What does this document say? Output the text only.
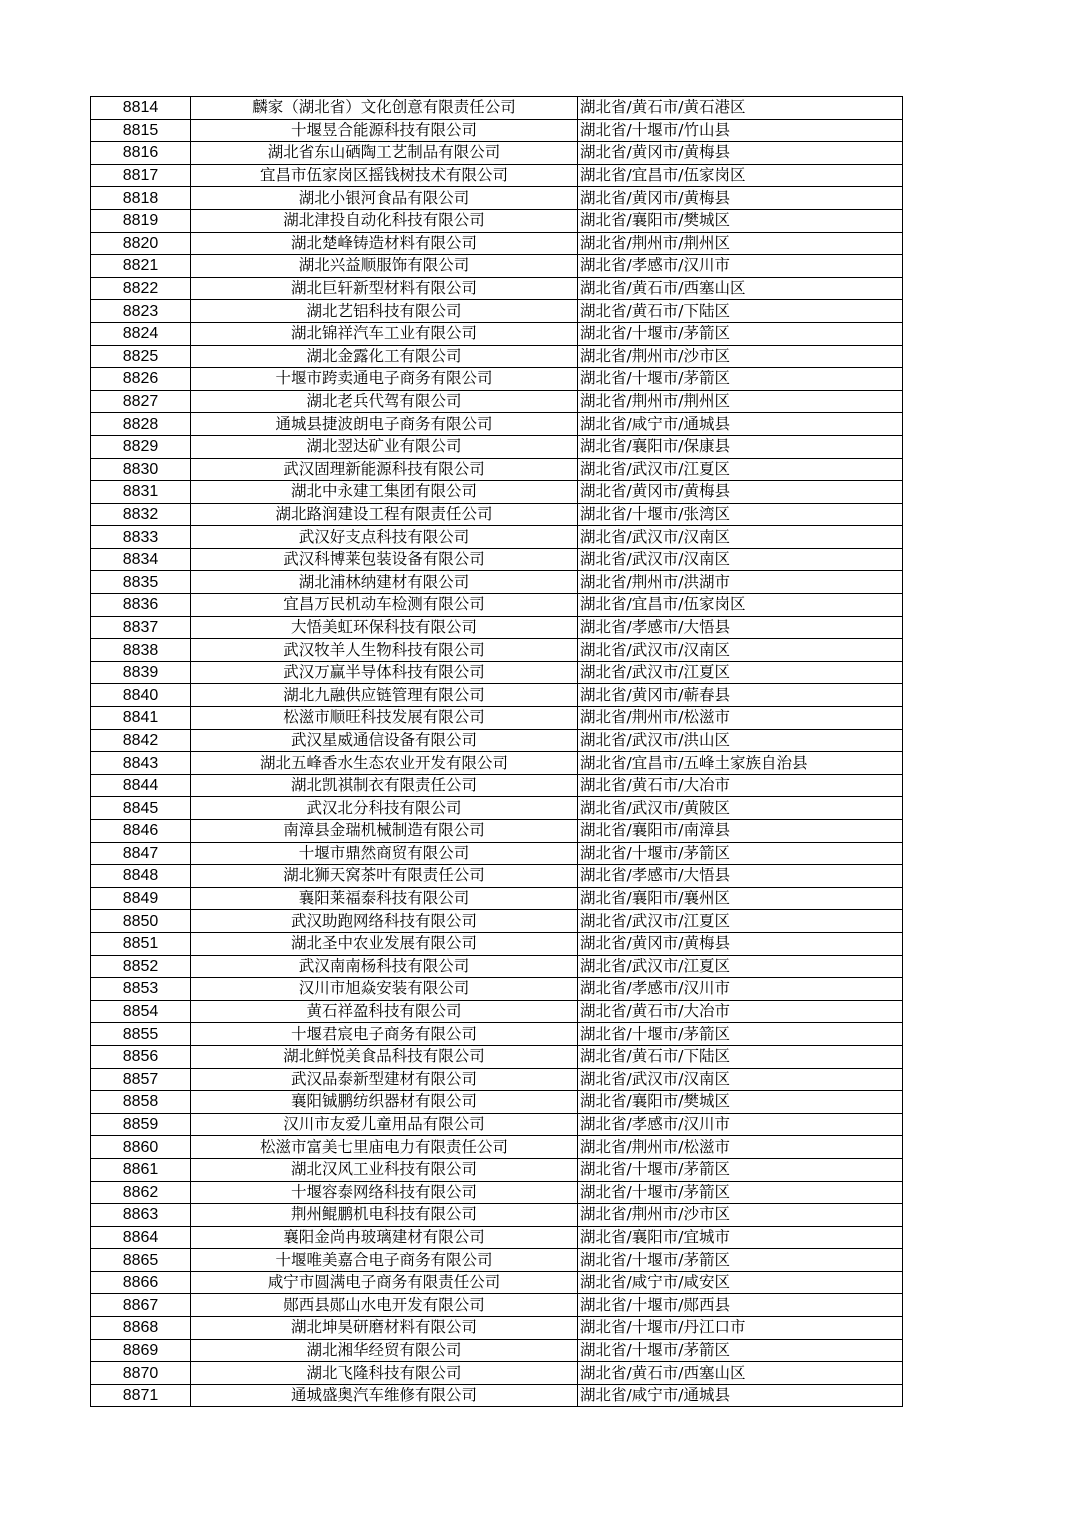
8814	麟家（湖北省）文化创意有限责任公司	湖北省/黄石市/黄石港区
8815	十堰昱合能源科技有限公司	湖北省/十堰市/竹山县
8816	湖北省东山硒陶工艺制品有限公司	湖北省/黄冈市/黄梅县
8817	宜昌市伍家岗区摇钱树技术有限公司	湖北省/宜昌市/伍家岗区
8818	湖北小银河食品有限公司	湖北省/黄冈市/黄梅县
8819	湖北津投自动化科技有限公司	湖北省/襄阳市/樊城区
8820	湖北楚峰铸造材料有限公司	湖北省/荆州市/荆州区
8821	湖北兴益顺服饰有限公司	湖北省/孝感市/汉川市
8822	湖北巨轩新型材料有限公司	湖北省/黄石市/西塞山区
8823	湖北艺铝科技有限公司	湖北省/黄石市/下陆区
8824	湖北锦祥汽车工业有限公司	湖北省/十堰市/茅箭区
8825	湖北金露化工有限公司	湖北省/荆州市/沙市区
8826	十堰市跨卖通电子商务有限公司	湖北省/十堰市/茅箭区
8827	湖北老兵代驾有限公司	湖北省/荆州市/荆州区
8828	通城县捷波朗电子商务有限公司	湖北省/咸宁市/通城县
8829	湖北翌达矿业有限公司	湖北省/襄阳市/保康县
8830	武汉固理新能源科技有限公司	湖北省/武汉市/江夏区
8831	湖北中永建工集团有限公司	湖北省/黄冈市/黄梅县
8832	湖北路润建设工程有限责任公司	湖北省/十堰市/张湾区
8833	武汉好支点科技有限公司	湖北省/武汉市/汉南区
8834	武汉科博莱包装设备有限公司	湖北省/武汉市/汉南区
8835	湖北浦林纳建材有限公司	湖北省/荆州市/洪湖市
8836	宜昌万民机动车检测有限公司	湖北省/宜昌市/伍家岗区
8837	大悟美虹环保科技有限公司	湖北省/孝感市/大悟县
8838	武汉牧羊人生物科技有限公司	湖北省/武汉市/汉南区
8839	武汉万赢半导体科技有限公司	湖北省/武汉市/江夏区
8840	湖北九融供应链管理有限公司	湖北省/黄冈市/蕲春县
8841	松滋市顺旺科技发展有限公司	湖北省/荆州市/松滋市
8842	武汉星威通信设备有限公司	湖北省/武汉市/洪山区
8843	湖北五峰香水生态农业开发有限公司	湖北省/宜昌市/五峰土家族自治县
8844	湖北凯祺制衣有限责任公司	湖北省/黄石市/大冶市
8845	武汉北分科技有限公司	湖北省/武汉市/黄陂区
8846	南漳县金瑞机械制造有限公司	湖北省/襄阳市/南漳县
8847	十堰市鼎然商贸有限公司	湖北省/十堰市/茅箭区
8848	湖北狮天窝茶叶有限责任公司	湖北省/孝感市/大悟县
8849	襄阳莱福泰科技有限公司	湖北省/襄阳市/襄州区
8850	武汉助跑网络科技有限公司	湖北省/武汉市/江夏区
8851	湖北圣中农业发展有限公司	湖北省/黄冈市/黄梅县
8852	武汉南南杨科技有限公司	湖北省/武汉市/江夏区
8853	汉川市旭焱安装有限公司	湖北省/孝感市/汉川市
8854	黄石祥盈科技有限公司	湖北省/黄石市/大冶市
8855	十堰君宸电子商务有限公司	湖北省/十堰市/茅箭区
8856	湖北鲜悦美食品科技有限公司	湖北省/黄石市/下陆区
8857	武汉品泰新型建材有限公司	湖北省/武汉市/汉南区
8858	襄阳铖鹏纺织器材有限公司	湖北省/襄阳市/樊城区
8859	汉川市友爱儿童用品有限公司	湖北省/孝感市/汉川市
8860	松滋市富美七里庙电力有限责任公司	湖北省/荆州市/松滋市
8861	湖北汉风工业科技有限公司	湖北省/十堰市/茅箭区
8862	十堰容泰网络科技有限公司	湖北省/十堰市/茅箭区
8863	荆州鲲鹏机电科技有限公司	湖北省/荆州市/沙市区
8864	襄阳金尚冉玻璃建材有限公司	湖北省/襄阳市/宜城市
8865	十堰唯美嘉合电子商务有限公司	湖北省/十堰市/茅箭区
8866	咸宁市圆满电子商务有限责任公司	湖北省/咸宁市/咸安区
8867	郧西县郧山水电开发有限公司	湖北省/十堰市/郧西县
8868	湖北坤昊研磨材料有限公司	湖北省/十堰市/丹江口市
8869	湖北湘华经贸有限公司	湖北省/十堰市/茅箭区
8870	湖北飞隆科技有限公司	湖北省/黄石市/西塞山区
8871	通城盛奥汽车维修有限公司	湖北省/咸宁市/通城县
